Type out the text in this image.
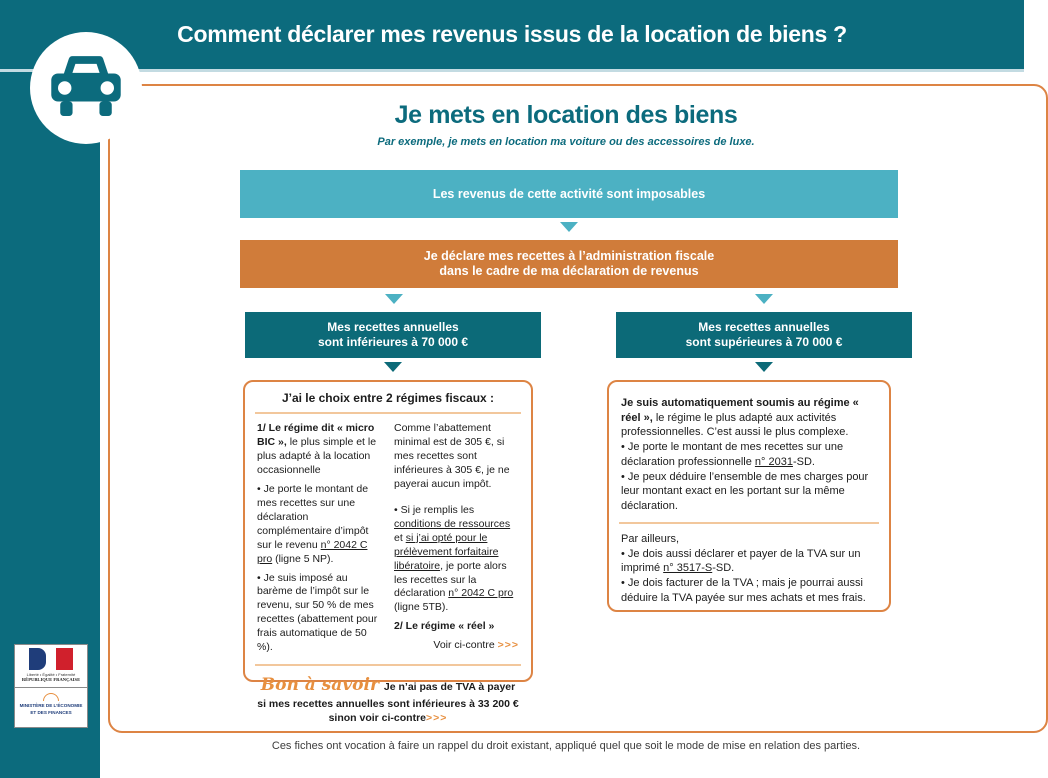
Comment déclarer mes revenus issus de la location de biens ?
Je mets en location des biens
Par exemple, je mets en location ma voiture ou des accessoires de luxe.
Les revenus de cette activité sont imposables
Je déclare mes recettes à l’administration fiscale
dans le cadre de ma déclaration de revenus
Mes recettes annuelles
sont inférieures à 70 000 €
Mes recettes annuelles
sont supérieures à 70 000 €
J’ai le choix entre 2 régimes fiscaux :

1/ Le régime dit « micro BIC », le plus simple et le plus adapté à la location occasionnelle

• Je porte le montant de mes recettes sur une déclaration complémentaire d’impôt sur le revenu n° 2042 C pro (ligne 5 NP).

• Je suis imposé au barème de l’impôt sur le revenu, sur 50 % de mes recettes (abattement pour frais automatique de 50 %).

Comme l’abattement minimal est de 305 €, si mes recettes sont inférieures à 305 €, je ne payerai aucun impôt.

• Si je remplis les conditions de ressources et si j’ai opté pour le prélèvement forfaitaire libératoire, je porte alors les recettes sur la déclaration n° 2042 C pro (ligne 5TB).

2/ Le régime « réel »

Voir ci-contre >>>

Bon à savoir Je n’ai pas de TVA à payer si mes recettes annuelles sont inférieures à 33 200 € sinon voir ci-contre>>>

Je suis automatiquement soumis au régime « réel », le régime le plus adapté aux activités professionnelles. C’est aussi le plus complexe.

• Je porte le montant de mes recettes sur une déclaration professionnelle n° 2031-SD.

• Je peux déduire l’ensemble de mes charges pour leur montant exact en les portant sur la même déclaration.

Par ailleurs,

• Je dois aussi déclarer et payer de la TVA sur un imprimé n° 3517-S-SD.

• Je dois facturer de la TVA ; mais je pourrai aussi déduire la TVA payée sur mes achats et mes frais.

Ces fiches ont vocation à faire un rappel du droit existant, appliqué quel que soit le mode de mise en relation des parties.
Liberté • Égalité • Fraternité
RÉPUBLIQUE FRANÇAISE
MINISTÈRE DE L’ÉCONOMIE
ET DES FINANCES
